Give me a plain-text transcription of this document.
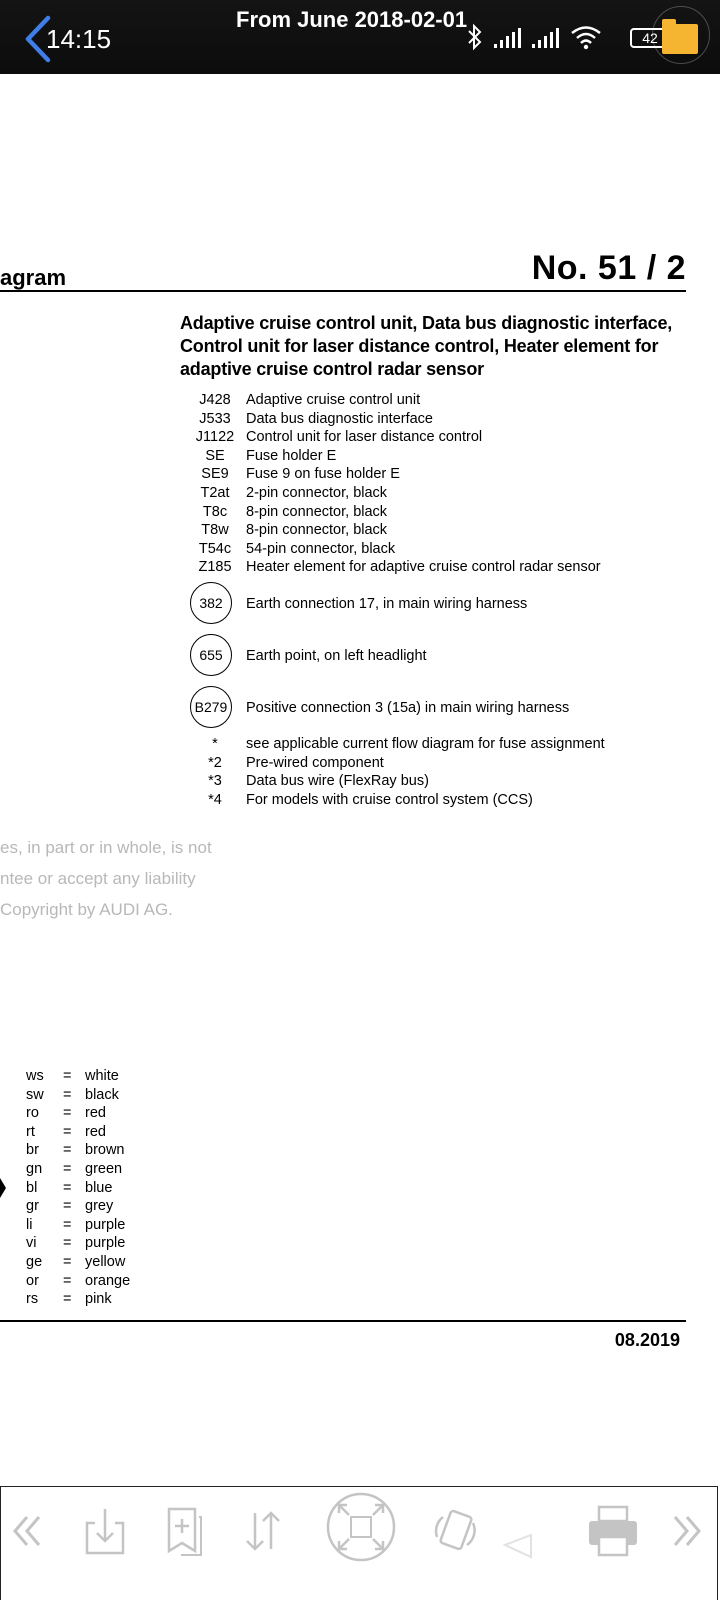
14:15
From June 2018-02-01
42
agram	No. 51 / 2
Adaptive cruise control unit, Data bus diagnostic interface, Control unit for laser distance control, Heater element for adaptive cruise control radar sensor
J428	Adaptive cruise control unit
J533	Data bus diagnostic interface
J1122 Control unit for laser distance control
SE	Fuse holder E
SE9	Fuse 9 on fuse holder E
T2at	2-pin connector, black
T8c	8-pin connector, black
T8w	8-pin connector, black
T54c	54-pin connector, black
Z185 Heater element for adaptive cruise control radar sensor
382	Earth connection 17, in main wiring harness
655	Earth point, on left headlight
B279	Positive connection 3 (15a) in main wiring harness
*	see applicable current flow diagram for fuse assignment
*2	Pre-wired component
*3	Data bus wire (FlexRay bus)
*4	For models with cruise control system (CCS)
es, in part or in whole, is not
ntee or accept any liability
Copyright by AUDI AG.
ws = white
sw = black
ro = red
rt = red
br = brown
gn = green
bl = blue
gr = grey
li = purple
vi = purple
ge = yellow
or = orange
rs = pink
08.2019
